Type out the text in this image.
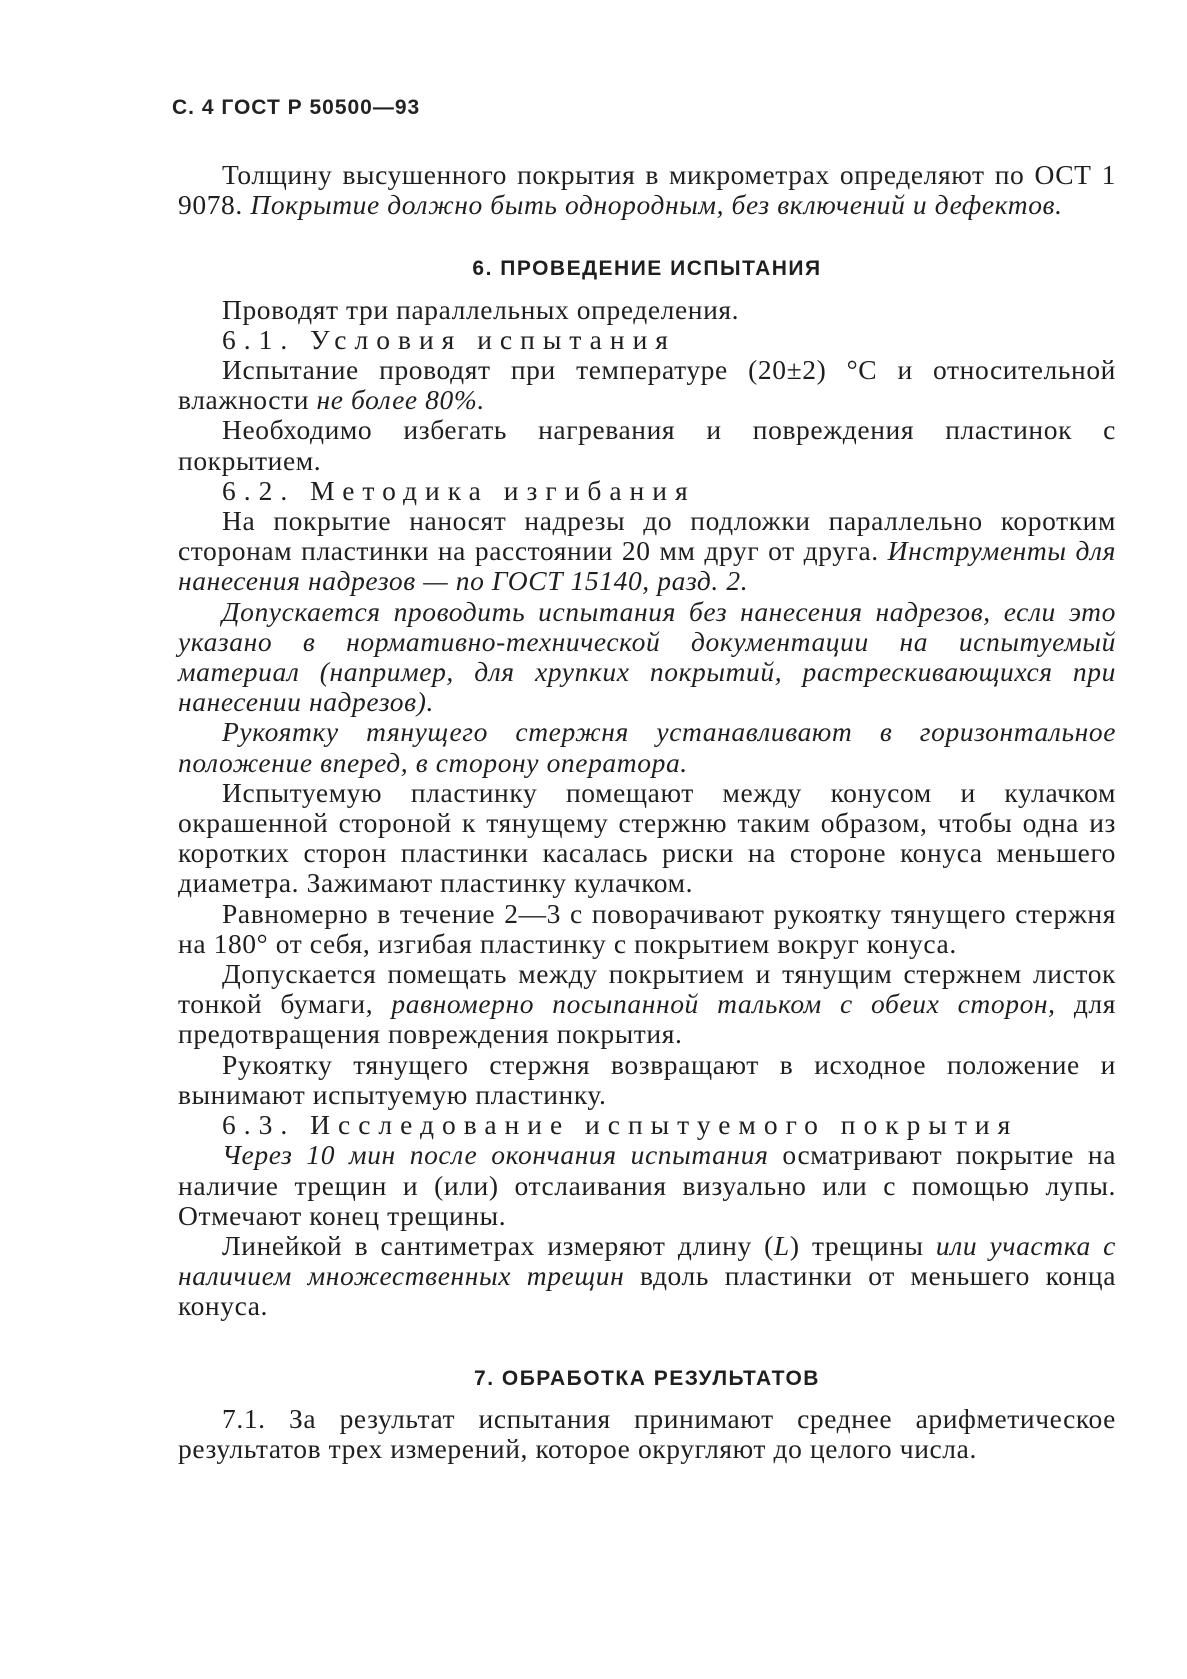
С. 4 ГОСТ Р 50500—93

Толщину высушенного покрытия в микрометрах определяют по ОСТ 1 9078. Покрытие должно быть однородным, без включений и дефектов.

6. ПРОВЕДЕНИЕ ИСПЫТАНИЯ

Проводят три параллельных определения.

6.1. Условия испытания

Испытание проводят при температуре (20±2) °С и относительной влажности не более 80%.

Необходимо избегать нагревания и повреждения пластинок с покрытием.

6.2. Методика изгибания

На покрытие наносят надрезы до подложки параллельно коротким сторонам пластинки на расстоянии 20 мм друг от друга. Инструменты для нанесения надрезов — по ГОСТ 15140, разд. 2.

Допускается проводить испытания без нанесения надрезов, если это указано в нормативно-технической документации на испытуемый материал (например, для хрупких покрытий, растрескивающихся при нанесении надрезов).

Рукоятку тянущего стержня устанавливают в горизонтальное положение вперед, в сторону оператора.

Испытуемую пластинку помещают между конусом и кулачком окрашенной стороной к тянущему стержню таким образом, чтобы одна из коротких сторон пластинки касалась риски на стороне конуса меньшего диаметра. Зажимают пластинку кулачком.

Равномерно в течение 2—3 с поворачивают рукоятку тянущего стержня на 180° от себя, изгибая пластинку с покрытием вокруг конуса.

Допускается помещать между покрытием и тянущим стержнем листок тонкой бумаги, равномерно посыпанной тальком с обеих сторон, для предотвращения повреждения покрытия.

Рукоятку тянущего стержня возвращают в исходное положение и вынимают испытуемую пластинку.

6.3. Исследование испытуемого покрытия

Через 10 мин после окончания испытания осматривают покрытие на наличие трещин и (или) отслаивания визуально или с помощью лупы. Отмечают конец трещины.

Линейкой в сантиметрах измеряют длину (L) трещины или участка с наличием множественных трещин вдоль пластинки от меньшего конца конуса.

7. ОБРАБОТКА РЕЗУЛЬТАТОВ

7.1. За результат испытания принимают среднее арифметическое результатов трех измерений, которое округляют до целого числа.
